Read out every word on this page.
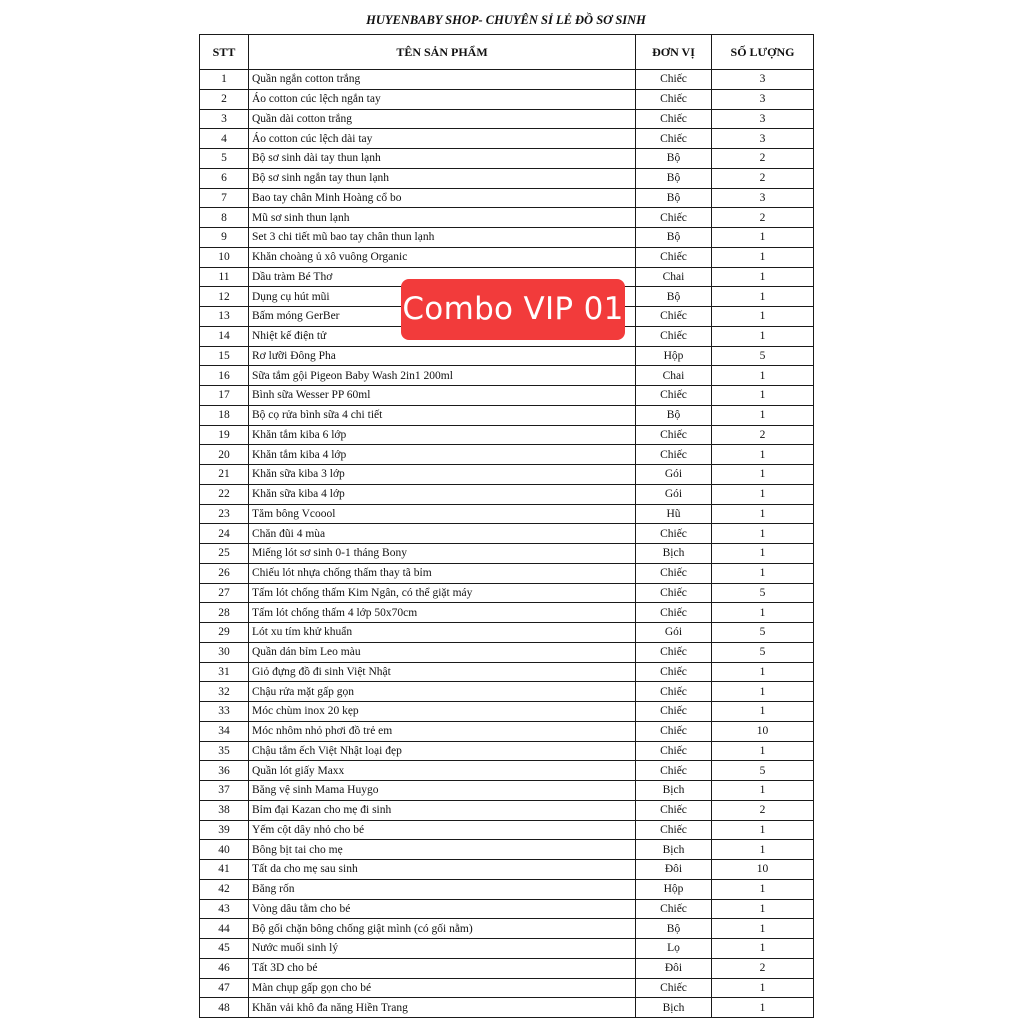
HUYENBABY SHOP- CHUYÊN SỈ LẺ ĐỒ SƠ SINH
STT	TÊN SẢN PHẨM	ĐƠN VỊ	SỐ LƯỢNG
1	Quần ngắn cotton trắng	Chiếc	3
2	Áo cotton cúc lệch ngắn tay	Chiếc	3
3	Quần dài cotton trắng	Chiếc	3
4	Áo cotton cúc lệch dài tay	Chiếc	3
5	Bộ sơ sinh dài tay thun lạnh	Bộ	2
6	Bộ sơ sinh ngắn tay thun lạnh	Bộ	2
7	Bao tay chân Minh Hoàng cổ bo	Bộ	3
8	Mũ sơ sinh thun lạnh	Chiếc	2
9	Set 3 chi tiết mũ bao tay chân thun lạnh	Bộ	1
10	Khăn choàng ủ xô vuông Organic	Chiếc	1
11	Dầu tràm Bé Thơ	Chai	1
12	Dụng cụ hút mũi	Bộ	1
13	Bấm móng GerBer	Chiếc	1
14	Nhiệt kế điện tử	Chiếc	1
15	Rơ lưỡi Đông Pha	Hộp	5
16	Sữa tắm gội Pigeon Baby Wash 2in1 200ml	Chai	1
17	Bình sữa Wesser PP 60ml	Chiếc	1
18	Bộ cọ rửa bình sữa 4 chi tiết	Bộ	1
19	Khăn tắm kiba 6 lớp	Chiếc	2
20	Khăn tắm kiba 4 lớp	Chiếc	1
21	Khăn sữa kiba 3 lớp	Gói	1
22	Khăn sữa kiba 4 lớp	Gói	1
23	Tăm bông Vcoool	Hũ	1
24	Chăn đũi 4 mùa	Chiếc	1
25	Miếng lót sơ sinh 0-1 tháng Bony	Bịch	1
26	Chiếu lót nhựa chống thấm thay tã bỉm	Chiếc	1
27	Tấm lót chống thấm Kim Ngân, có thể giặt máy	Chiếc	5
28	Tấm lót chống thấm 4 lớp 50x70cm	Chiếc	1
29	Lót xu tím khử khuẩn	Gói	5
30	Quần dán bỉm Leo màu	Chiếc	5
31	Giỏ đựng đồ đi sinh Việt Nhật	Chiếc	1
32	Chậu rửa mặt gấp gọn	Chiếc	1
33	Móc chùm inox 20 kẹp	Chiếc	1
34	Móc nhôm nhỏ phơi đồ trẻ em	Chiếc	10
35	Chậu tắm ếch Việt Nhật loại đẹp	Chiếc	1
36	Quần lót giấy Maxx	Chiếc	5
37	Băng vệ sinh Mama Huygo	Bịch	1
38	Bỉm đại Kazan cho mẹ đi sinh	Chiếc	2
39	Yếm cột dây nhỏ cho bé	Chiếc	1
40	Bông bịt tai cho mẹ	Bịch	1
41	Tất da cho mẹ sau sinh	Đôi	10
42	Băng rốn	Hộp	1
43	Vòng dâu tằm cho bé	Chiếc	1
44	Bộ gối chặn bông chống giật mình (có gối nằm)	Bộ	1
45	Nước muối sinh lý	Lọ	1
46	Tất 3D cho bé	Đôi	2
47	Màn chụp gấp gọn cho bé	Chiếc	1
48	Khăn vải khô đa năng Hiền Trang	Bịch	1
Combo VIP 01
